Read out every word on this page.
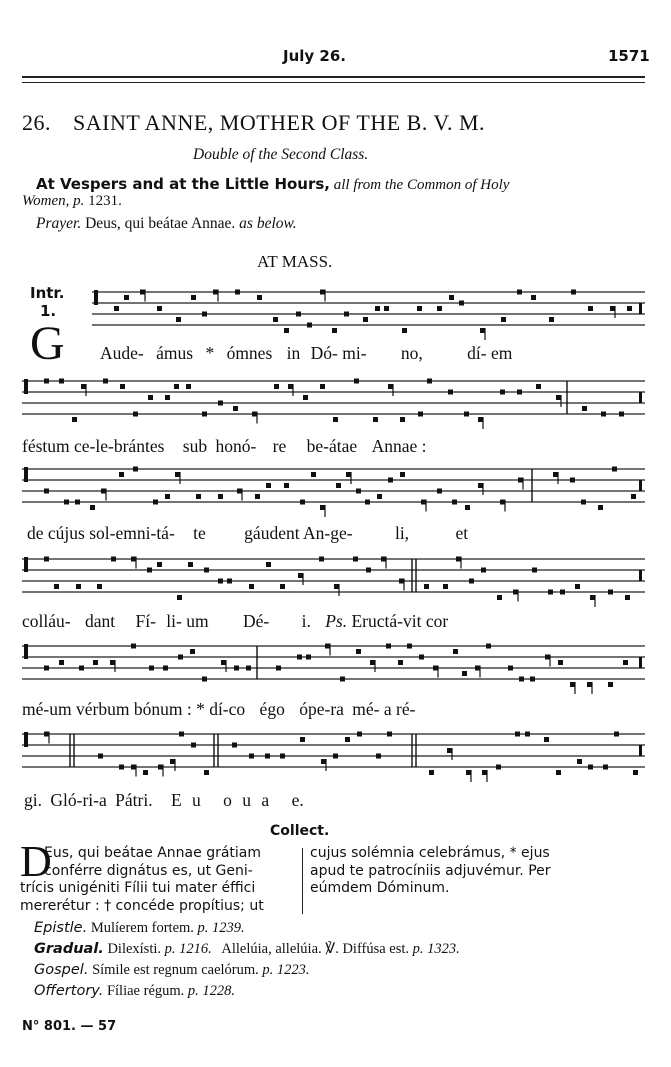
July 26.	1571
26. SAINT ANNE, MOTHER OF THE B. V. M.
Double of the Second Class.
At Vespers and at the Little Hours, all from the Common of Holy
Women, p. 1231.
Prayer. Deus, qui beátae Annae. as below.
AT MASS.
Intr.
1.
G Aude- ámus * ómnes in Dó- mi- no,	dí- em
féstum ce-le-brántes sub honó- re be-átae Annae :
de cújus sol-emni-tá- te gáudent An-ge- li,	et
colláu- dant Fí- li- um Dé- i. Ps. Eructá-vit cor
mé-um vérbum bónum : * dí-co égo ópe-ra mé- a ré-
gi. Gló-ri-a Pátri. E u o u a e.
Collect.
D

Eus, qui beátae Annae grátiam

conférre dignátus es, ut Geni-

trícis unigéniti Fílii tui mater éffici

mererétur : † concéde propítius; ut

cujus solémnia celebrámus, * ejus

apud te patrocíniis adjuvémur. Per

eúmdem Dóminum.

Epistle. Mulíerem fortem. p. 1239.
Gradual. Dilexísti. p. 1216. Allelúia, allelúia. ℣. Diffúsa est. p. 1323.
Gospel. Símile est regnum caelórum. p. 1223.
Offertory. Fíliae régum. p. 1228.
N° 801. — 57
